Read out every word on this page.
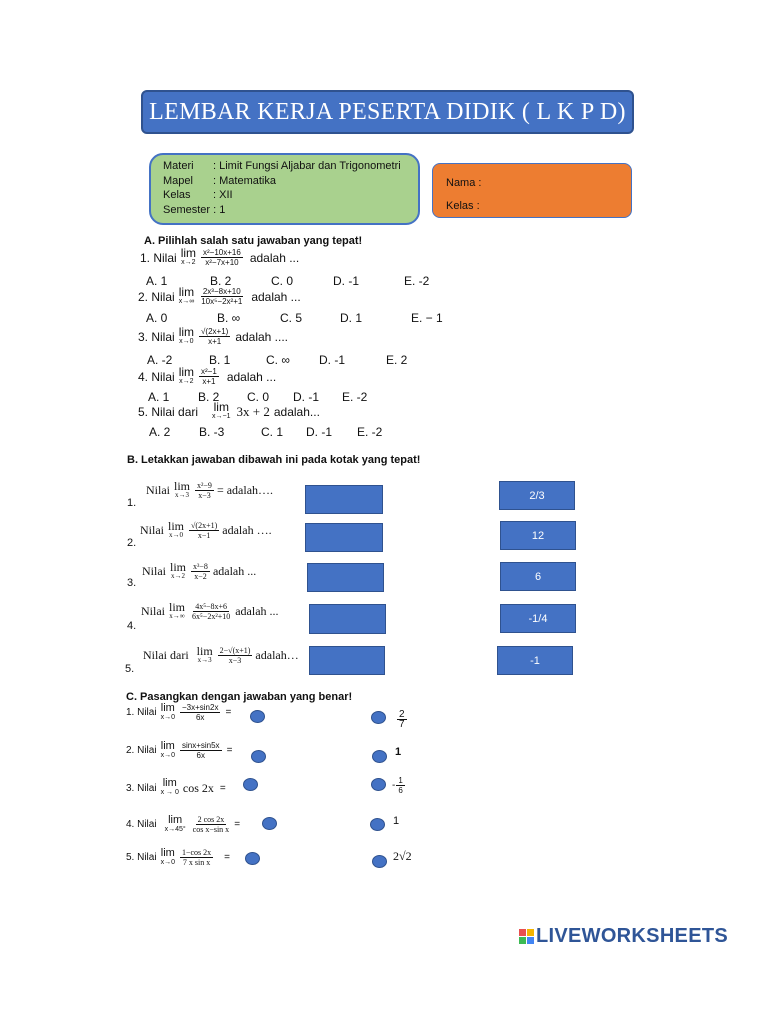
LEMBAR KERJA PESERTA DIDIK ( L K P D)
Materi	: Limit Fungsi Aljabar dan Trigonometri
Mapel	: Matematika
Kelas	: XII
Semester
: 1
Nama :
Kelas :
A. Pilihlah salah satu jawaban yang tepat!
1. Nilai lim
$x\to 2 \frac{\text{x²−10x+16}}{\text{x²−7x+10}}$ adalah ...
A. 1	B. 2	C. 0	D. -1	E. -2
2. Nilai lim
$x\to\infty \frac{\text{2x³−8x+10}}{\text{10x⁵−2x²+1}}$ adalah ...
A. 0	B. ∞	C. 5	D. 1	E. − 1
3. Nilai lim
$x\to 0 \frac{√(2x+1)}{x+1}$ adalah ....
A. -2	B. 1	C. ∞ D. -1	E. 2
4. Nilai lim
$x\to 2 \frac{\text{x²−1}}{x+1}$ adalah ...
A. 1 B. 2 C. 0 D. -1 E. -2
5. Nilai dari lim
x→−1 3x + 2 adalah...
A. 2 B. -3	C. 1 D. -1 E. -2
B. Letakkan jawaban dibawah ini pada kotak yang tepat!
1.
Nilai lim
$x\to 3 \frac{\text{x²−9}}{x-3}$ = adalah….
2.
Nilai lim
$x\to 0 \frac{√(2x+1)}{x-1}$ adalah ….
3.
Nilai lim
$x\to 2 \frac{\text{x³−8}}{x-2}$ adalah ...
4.
Nilai lim
$x\to\infty \frac{\text{4x⁵−8x+6}}{\text{6x⁵−2x²+10}}$ adalah ...
5.
Nilai dari lim
$x\to 3 \frac{2-√(x+1)}{x-3}$ adalah…
2/3
12
6
-1/4
-1
C. Pasangkan dengan jawaban yang benar!
1. Nilai lim
$x\to 0 \frac{-3x+\sin 2x}{6x}$ =
2. Nilai lim
$x\to 0 \frac{\sin x+\sin 5x}{6x}$ =
3. Nilai lim
x → 0 cos 2x =
4. Nilai lim
$x\to 45^\circ \frac{2 \cos 2x}{\text{cos x−sin x}}$ =
5. Nilai lim
$x\to 0 \frac{1-\cos 2x}{\text{7 x sin x}}$ =
$\frac{2}{7}$
1
- $\frac{1}{6}$
1
2√2
LIVEWORKSHEETS
